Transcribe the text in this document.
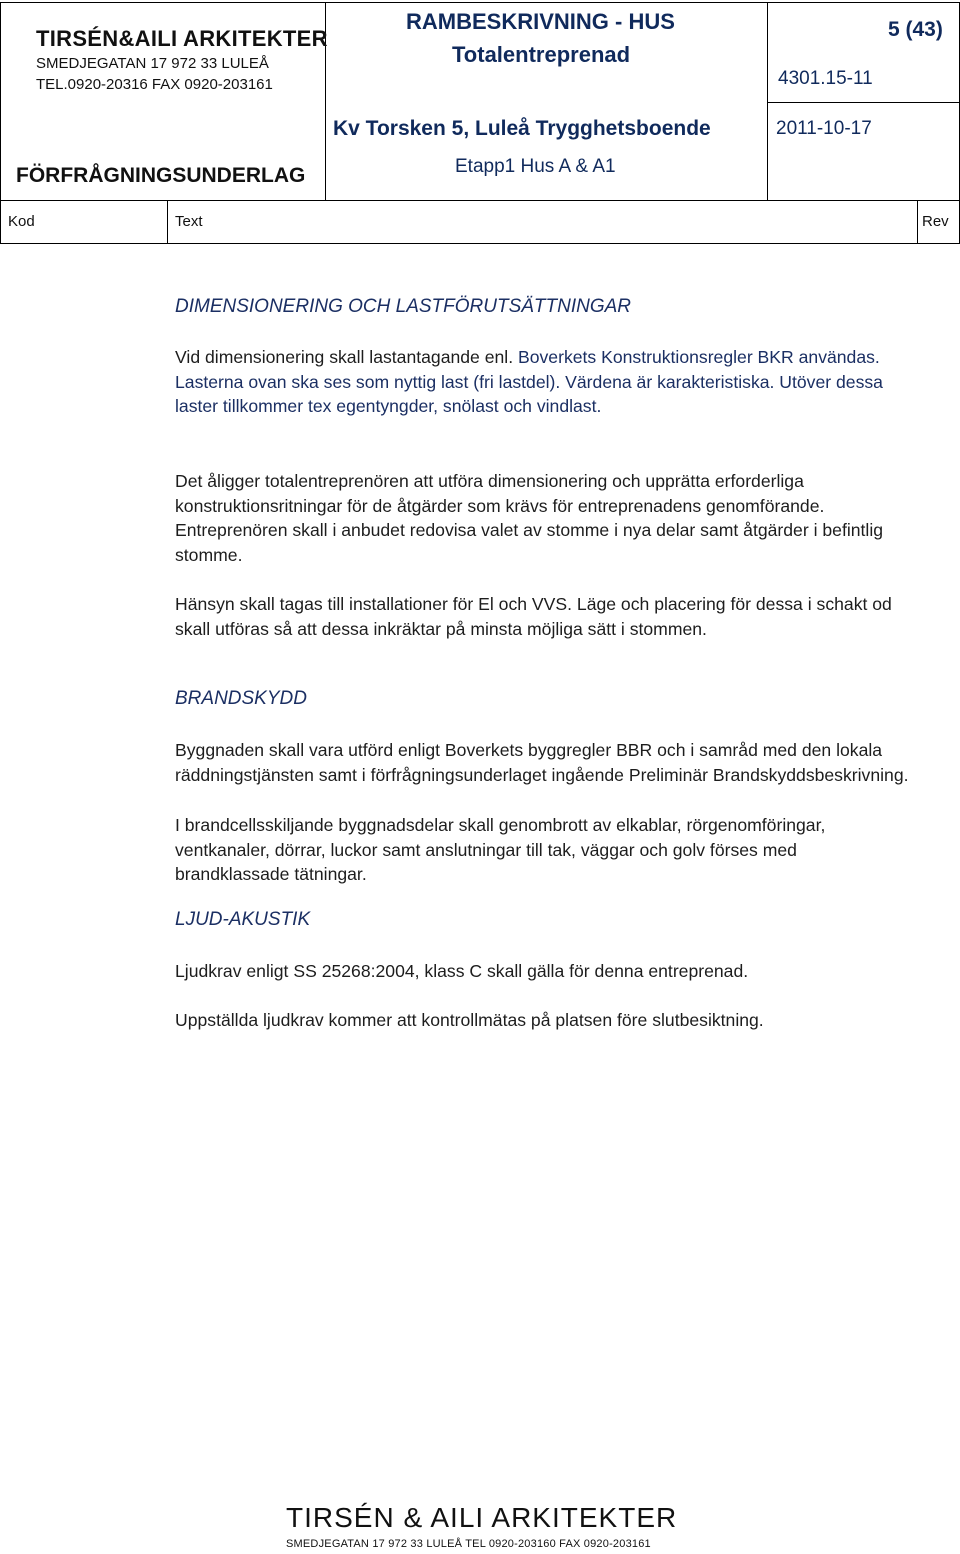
TIRSÉN&AILI ARKITEKTER
SMEDJEGATAN 17 972 33 LULEÅ
TEL.0920-20316 FAX 0920-203161
FÖRFRÅGNINGSUNDERLAG
RAMBESKRIVNING - HUS
Totalentreprenad
Kv Torsken 5, Luleå Trygghetsboende
Etapp1 Hus A & A1
5 (43)
4301.15-11
2011-10-17
Kod	Text	Rev
DIMENSIONERING OCH LASTFÖRUTSÄTTNINGAR

Vid dimensionering skall lastantagande enl. Boverkets Konstruktionsregler BKR användas. Lasterna ovan ska ses som nyttig last (fri lastdel). Värdena är karakteristiska. Utöver dessa laster tillkommer tex egentyngder, snölast och vindlast.

Det åligger totalentreprenören att utföra dimensionering och upprätta erforderliga konstruktionsritningar för de åtgärder som krävs för entreprenadens genomförande. Entreprenören skall i anbudet redovisa valet av stomme i nya delar samt åtgärder i befintlig stomme.

Hänsyn skall tagas till installationer för El och VVS. Läge och placering för dessa i schakt od skall utföras så att dessa inkräktar på minsta möjliga sätt i stommen.

BRANDSKYDD

Byggnaden skall vara utförd enligt Boverkets byggregler BBR och i samråd med den lokala räddningstjänsten samt i förfrågningsunderlaget ingående Preliminär Brandskyddsbeskrivning.

I brandcellsskiljande byggnadsdelar skall genombrott av elkablar, rörgenomföringar, ventkanaler, dörrar, luckor samt anslutningar till tak, väggar och golv förses med brandklassade tätningar.

LJUD-AKUSTIK

Ljudkrav enligt SS 25268:2004, klass C skall gälla för denna entreprenad.

Uppställda ljudkrav kommer att kontrollmätas på platsen före slutbesiktning.

TIRSÉN & AILI ARKITEKTER
SMEDJEGATAN 17 972 33 LULEÅ TEL 0920-203160 FAX 0920-203161
